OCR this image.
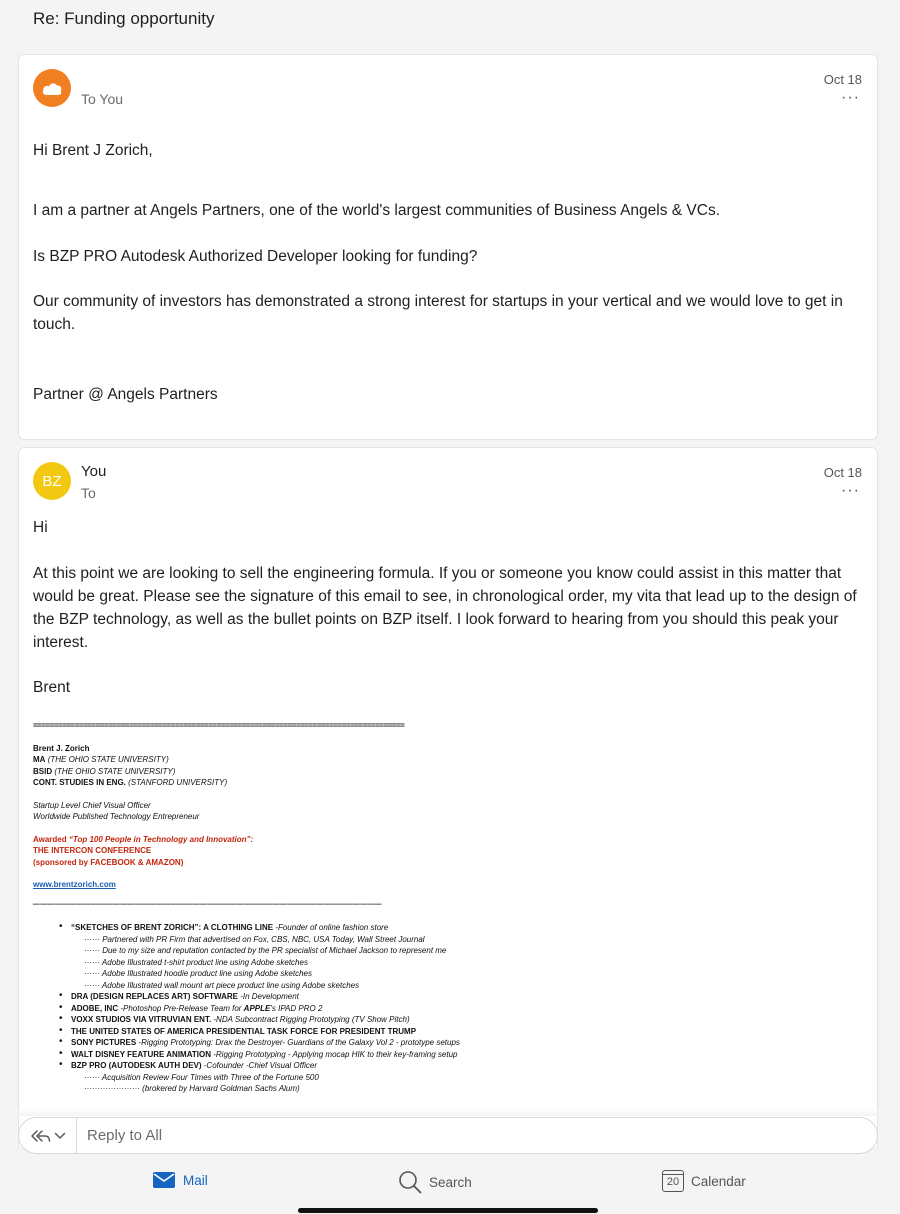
Re: Funding opportunity
To You
Oct 18
···
Hi Brent J Zorich,
I am a partner at Angels Partners, one of the world's largest communities of Business Angels & VCs.
Is BZP PRO Autodesk Authorized Developer looking for funding?
Our community of investors has demonstrated a strong interest for startups in your vertical and we would love to get in touch.
Partner @ Angels Partners
BZ
You
To
Oct 18
···
Hi
At this point we are looking to sell the engineering formula. If you or someone you know could assist in this matter that would be great. Please see the signature of this email to see, in chronological order, my vita that lead up to the design of the BZP technology, as well as the bullet points on BZP itself. I look forward to hearing from you should this peak your interest.
Brent
=========================================================================================
Brent J. Zorich
MA (THE OHIO STATE UNIVERSITY)
BSID (THE OHIO STATE UNIVERSITY)
CONT. STUDIES IN ENG. (STANFORD UNIVERSITY)
Startup Level Chief Visual Officer
Worldwide Published Technology Entrepreneur
Awarded “Top 100 People in Technology and Innovation”:
THE INTERCON CONFERENCE
(sponsored by FACEBOOK & AMAZON)
www.brentzorich.com
________________________________________________
• “SKETCHES OF BRENT ZORICH”: A CLOTHING LINE -Founder of online fashion store
······ Partnered with PR Firm that advertised on Fox, CBS, NBC, USA Today, Wall Street Journal
······ Due to my size and reputation contacted by the PR specialist of Michael Jackson to represent me
······ Adobe Illustrated t-shirt product line using Adobe sketches
······ Adobe Illustrated hoodie product line using Adobe sketches
······ Adobe Illustrated wall mount art piece product line using Adobe sketches
• DRA (DESIGN REPLACES ART) SOFTWARE -In Development
• ADOBE, INC -Photoshop Pre-Release Team for APPLE's IPAD PRO 2
• VOXX STUDIOS VIA VITRUVIAN ENT. -NDA Subcontract Rigging Prototyping (TV Show Pitch)
• THE UNITED STATES OF AMERICA PRESIDENTIAL TASK FORCE FOR PRESIDENT TRUMP
• SONY PICTURES -Rigging Prototyping: Drax the Destroyer- Guardians of the Galaxy Vol 2 - prototype setups
• WALT DISNEY FEATURE ANIMATION -Rigging Prototyping - Applying mocap HIK to their key-framing setup
• BZP PRO (AUTODESK AUTH DEV) -Cofounder -Chief Visual Officer
······ Acquisition Review Four Times with Three of the Fortune 500
····················· (brokered by Harvard Goldman Sachs Alum)
Reply to All
Mail	Search	20 Calendar
